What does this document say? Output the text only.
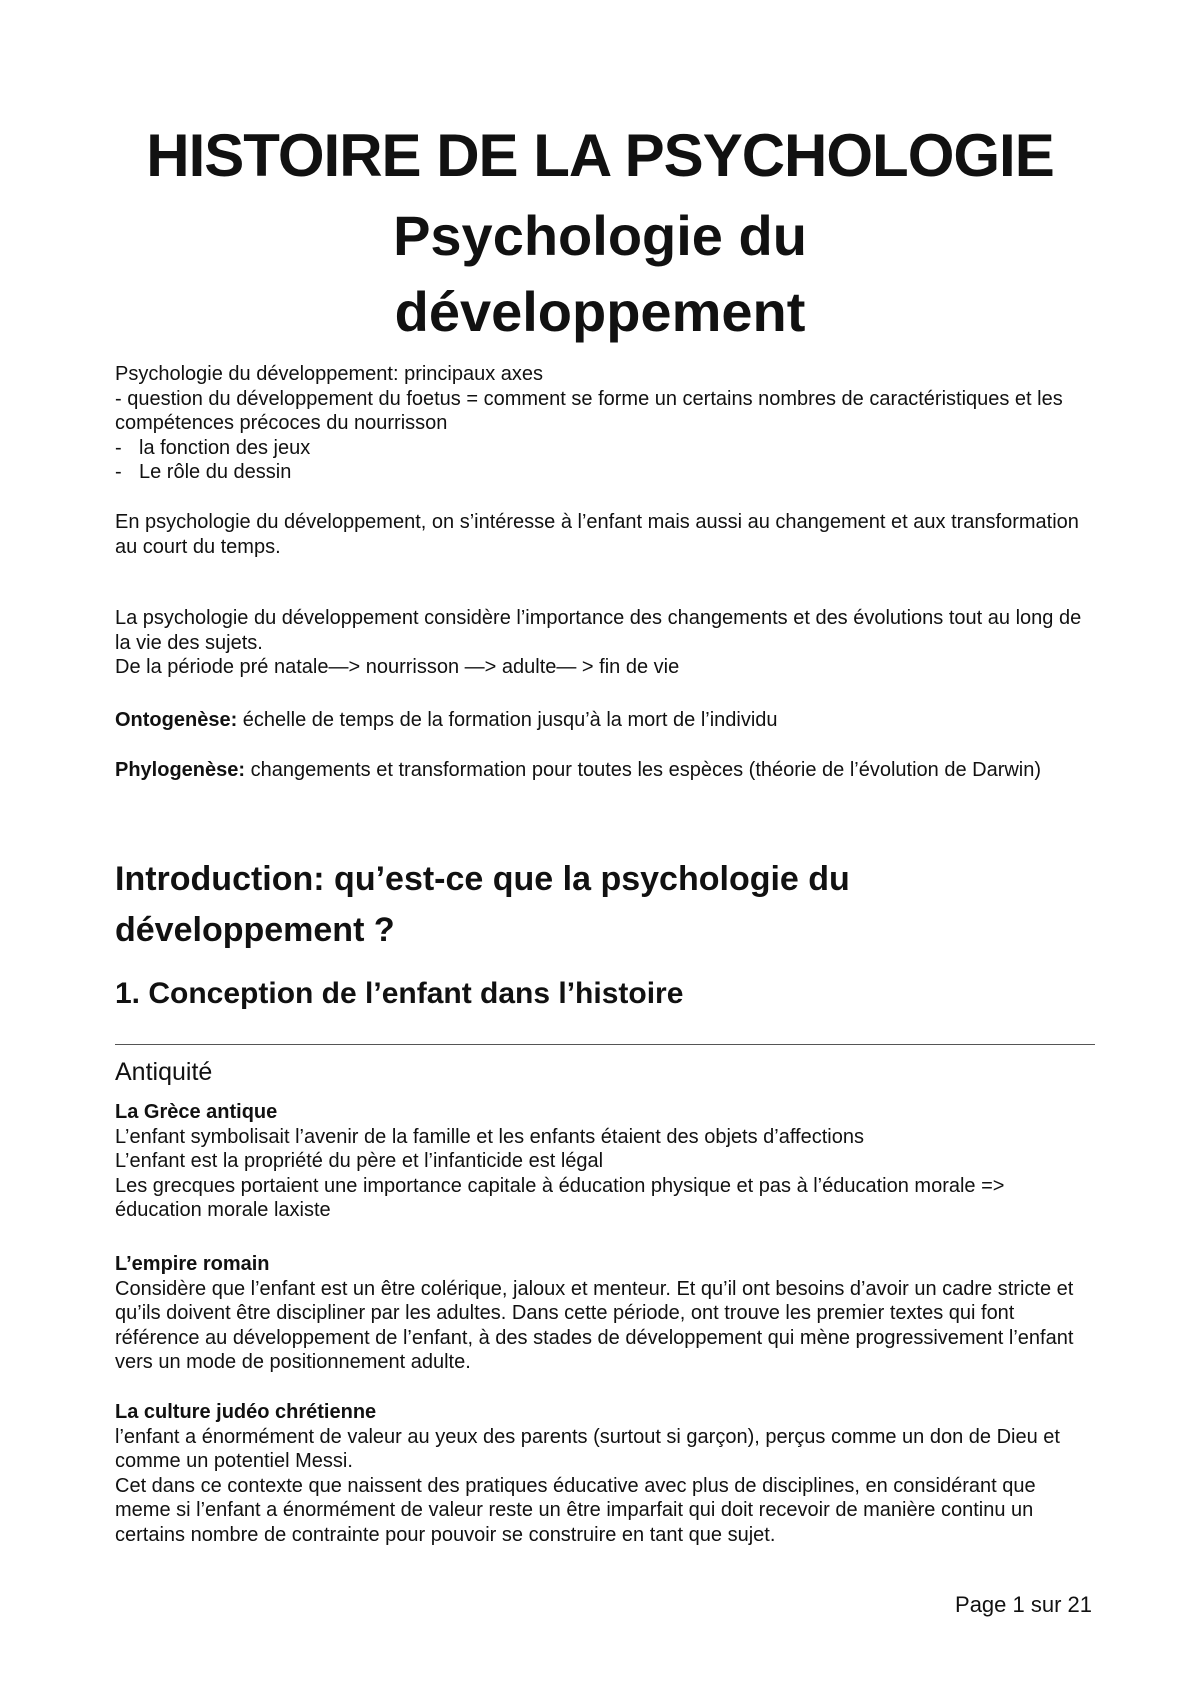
HISTOIRE DE LA PSYCHOLOGIE
Psychologie du
développement

Psychologie du développement: principaux axes

- question du développement du foetus = comment se forme un certains nombres de caractéristiques et les compétences précoces du nourrisson

- la fonction des jeux

- Le rôle du dessin

En psychologie du développement, on s’intéresse à l’enfant mais aussi au changement et aux transformation au court du temps.

La psychologie du développement considère l’importance des changements et des évolutions tout au long de la vie des sujets.

De la période pré natale—> nourrisson —> adulte— > fin de vie

Ontogenèse: échelle de temps de la formation jusqu’à la mort de l’individu
Phylogenèse: changements et transformation pour toutes les espèces (théorie de l’évolution de Darwin)
Introduction: qu’est-ce que la psychologie du développement ?
1. Conception de l’enfant dans l’histoire
Antiquité

La Grèce antique

L’enfant symbolisait l’avenir de la famille et les enfants étaient des objets d’affections

L’enfant est la propriété du père et l’infanticide est légal

Les grecques portaient une importance capitale à éducation physique et pas à l’éducation morale => éducation morale laxiste

L’empire romain

Considère que l’enfant est un être colérique, jaloux et menteur. Et qu’il ont besoins d’avoir un cadre stricte et qu’ils doivent être discipliner par les adultes. Dans cette période, ont trouve les premier textes qui font référence au développement de l’enfant, à des stades de développement qui mène progressivement l’enfant vers un mode de positionnement adulte.

La culture judéo chrétienne

l’enfant a énormément de valeur au yeux des parents (surtout si garçon), perçus comme un don de Dieu et comme un potentiel Messi.

Cet dans ce contexte que naissent des pratiques éducative avec plus de disciplines, en considérant que meme si l’enfant a énormément de valeur reste un être imparfait qui doit recevoir de manière continu un certains nombre de contrainte pour pouvoir se construire en tant que sujet.

Page 1 sur 21
